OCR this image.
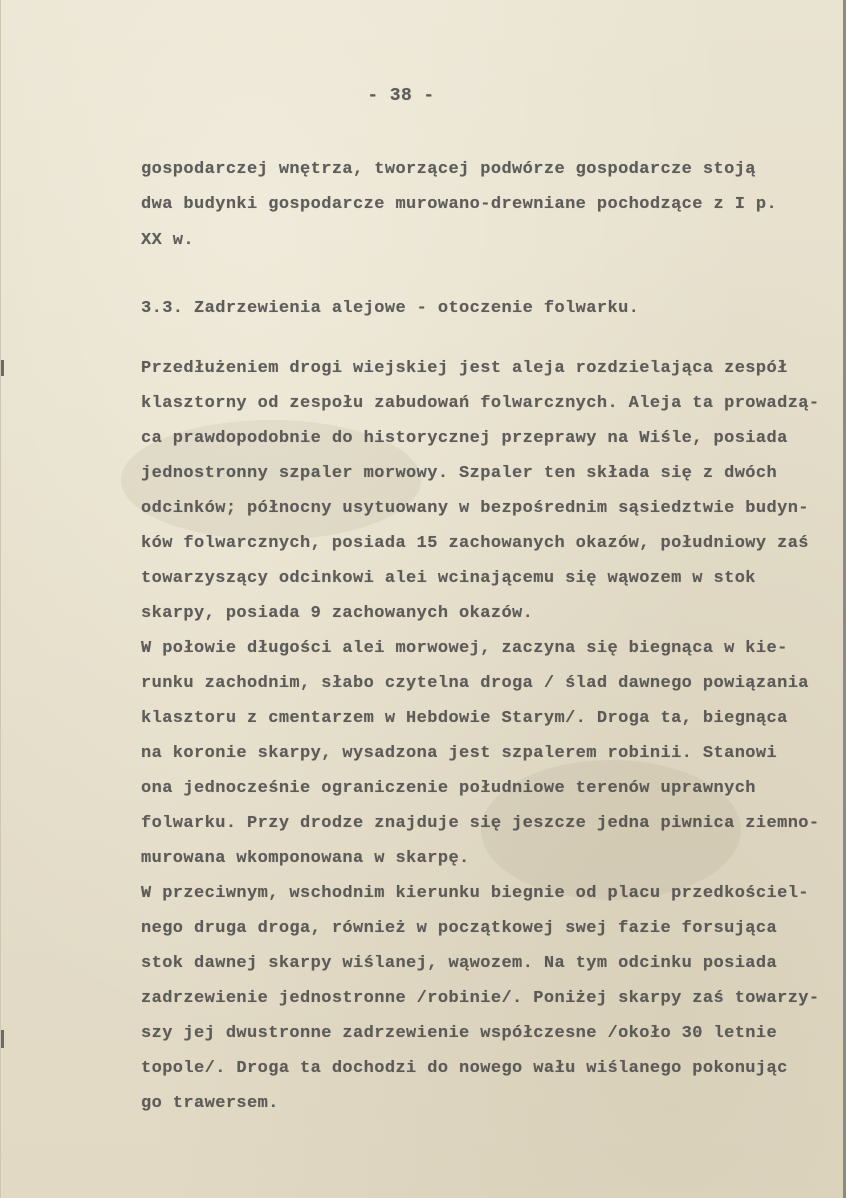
- 38 -

gospodarczej wnętrza, tworzącej podwórze gospodarcze stoją

dwa budynki gospodarcze murowano-drewniane pochodzące z I p.

XX w.

3.3. Zadrzewienia alejowe - otoczenie folwarku.

Przedłużeniem drogi wiejskiej jest aleja rozdzielająca zespół

klasztorny od zespołu zabudowań folwarcznych. Aleja ta prowadzą-

ca prawdopodobnie do historycznej przeprawy na Wiśle, posiada

jednostronny szpaler morwowy. Szpaler ten składa się z dwóch

odcinków; północny usytuowany w bezpośrednim sąsiedztwie budyn-

ków folwarcznych, posiada 15 zachowanych okazów, południowy zaś

towarzyszący odcinkowi alei wcinającemu się wąwozem w stok

skarpy, posiada 9 zachowanych okazów.

W połowie długości alei morwowej, zaczyna się biegnąca w kie-

runku zachodnim, słabo czytelna droga / ślad dawnego powiązania

klasztoru z cmentarzem w Hebdowie Starym/. Droga ta, biegnąca

na koronie skarpy, wysadzona jest szpalerem robinii. Stanowi

ona jednocześnie ograniczenie południowe terenów uprawnych

folwarku. Przy drodze znajduje się jeszcze jedna piwnica ziemno-

murowana wkomponowana w skarpę.

W przeciwnym, wschodnim kierunku biegnie od placu przedkościel-

nego druga droga, również w początkowej swej fazie forsująca

stok dawnej skarpy wiślanej, wąwozem. Na tym odcinku posiada

zadrzewienie jednostronne /robinie/. Poniżej skarpy zaś towarzy-

szy jej dwustronne zadrzewienie współczesne /około 30 letnie

topole/. Droga ta dochodzi do nowego wału wiślanego pokonując

go trawersem.
